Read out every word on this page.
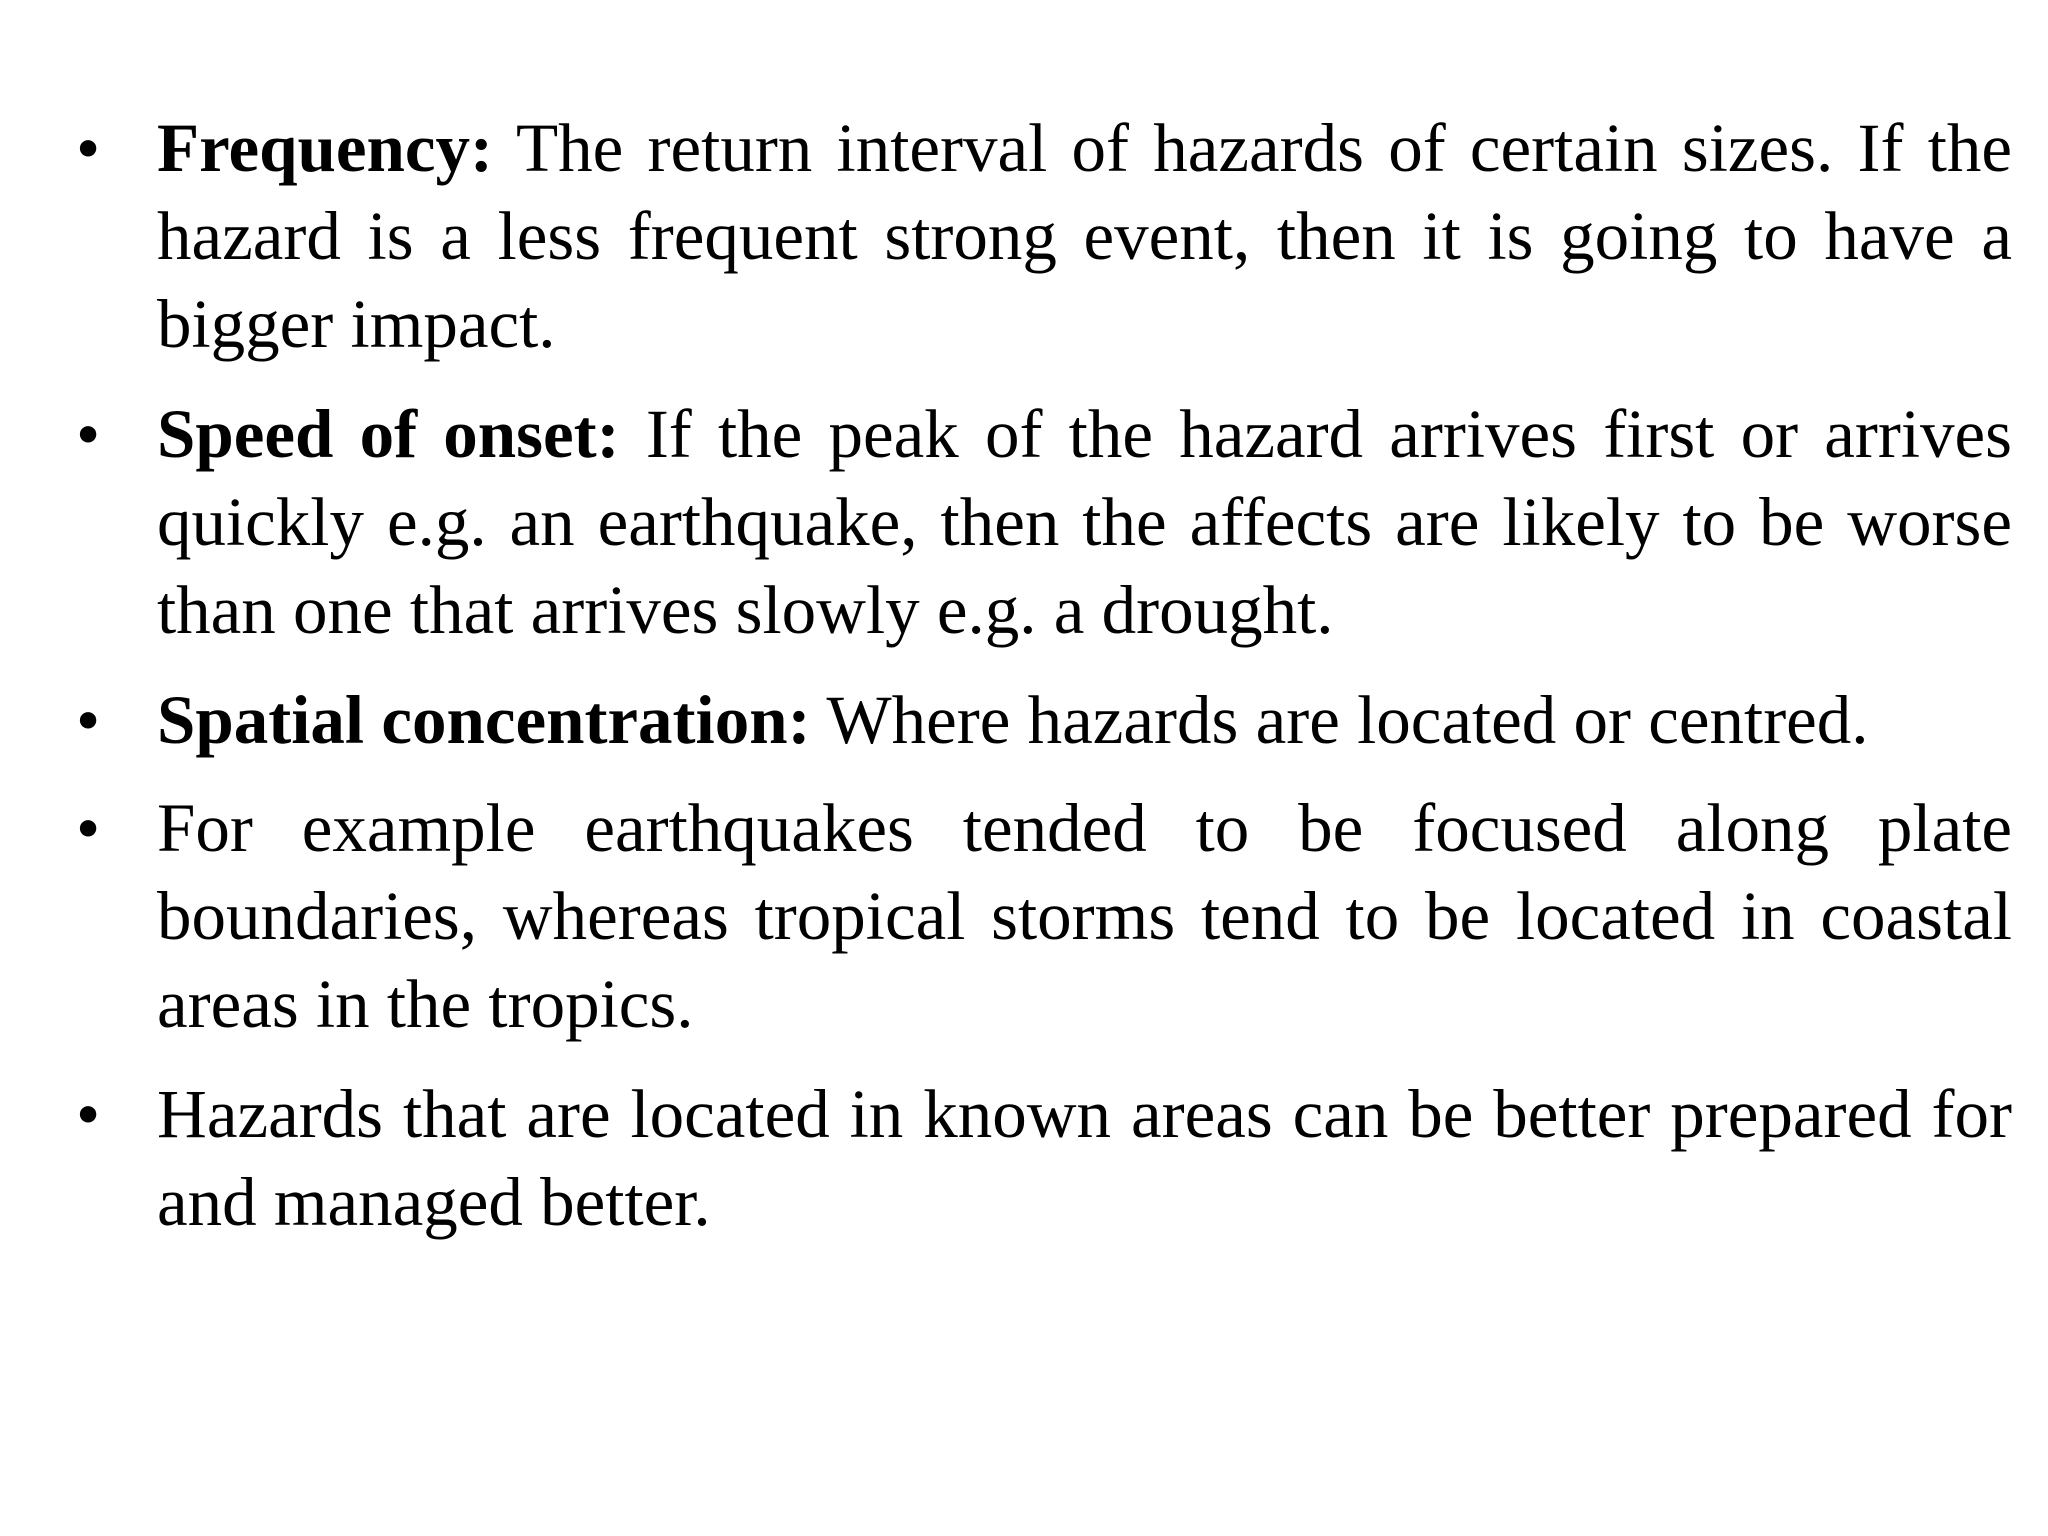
• Frequency: The return interval of hazards of certain sizes. If the hazard is a less frequent strong event, then it is going to have a bigger impact.
• Speed of onset: If the peak of the hazard arrives first or arrives quickly e.g. an earthquake, then the affects are likely to be worse than one that arrives slowly e.g. a drought.
• Spatial concentration: Where hazards are located or centred.
• For example earthquakes tended to be focused along plate boundaries, whereas tropical storms tend to be located in coastal areas in the tropics.
• Hazards that are located in known areas can be better prepared for and managed better.
